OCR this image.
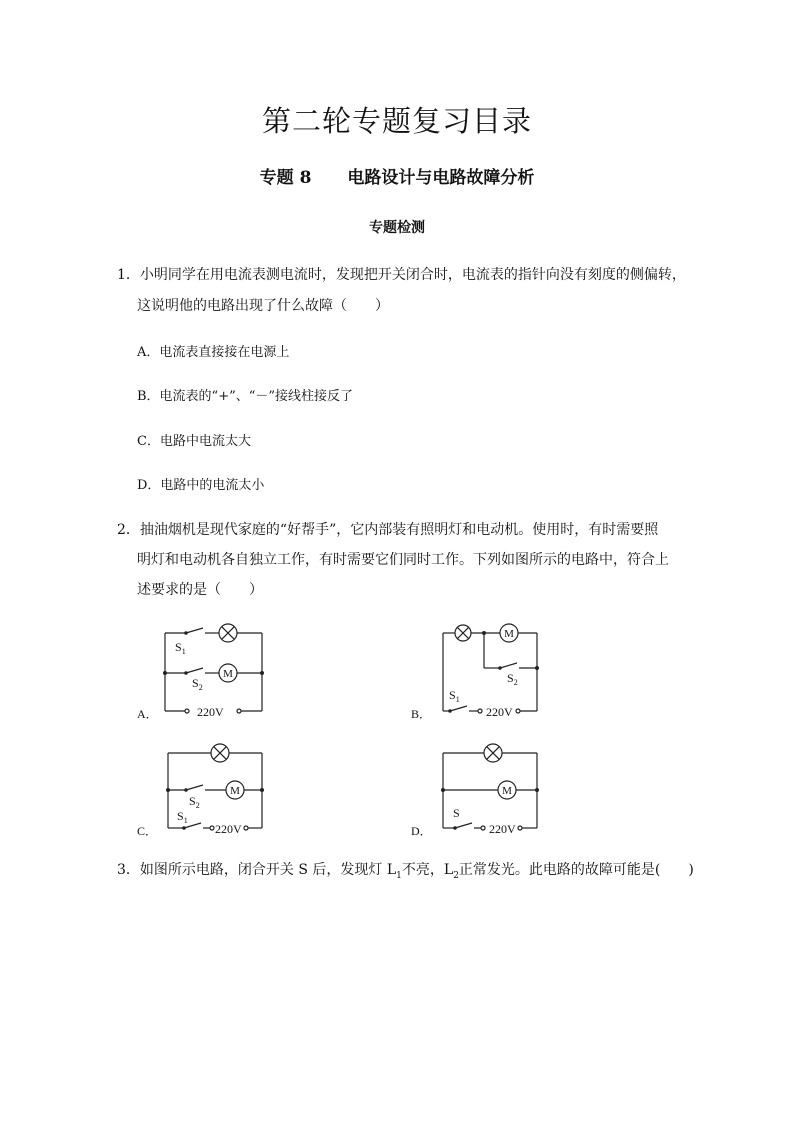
第二轮专题复习目录
专题 8 电路设计与电路故障分析
专题检测
1．小明同学在用电流表测电流时，发现把开关闭合时，电流表的指针向没有刻度的侧偏转，
这说明他的电路出现了什么故障（　　）
A．电流表直接接在电源上
B．电流表的“+”、“－”接线柱接反了
C．电路中电流太大
D．电路中的电流太小
2．抽油烟机是现代家庭的“好帮手”，它内部装有照明灯和电动机。使用时，有时需要照
明灯和电动机各自独立工作，有时需要它们同时工作。下列如图所示的电路中，符合上
述要求的是（　　）
$S_1$
$S_2$
M
220V
$S_2$
$S_1$
M
220V
$S_2$
$S_1$
M
220V
S
M
220V
A．	B．
C．	D．
3．如图所示电路，闭合开关 S 后，发现灯 $L_1$不亮，$L_2$正常发光。此电路的故障可能是(　　)
